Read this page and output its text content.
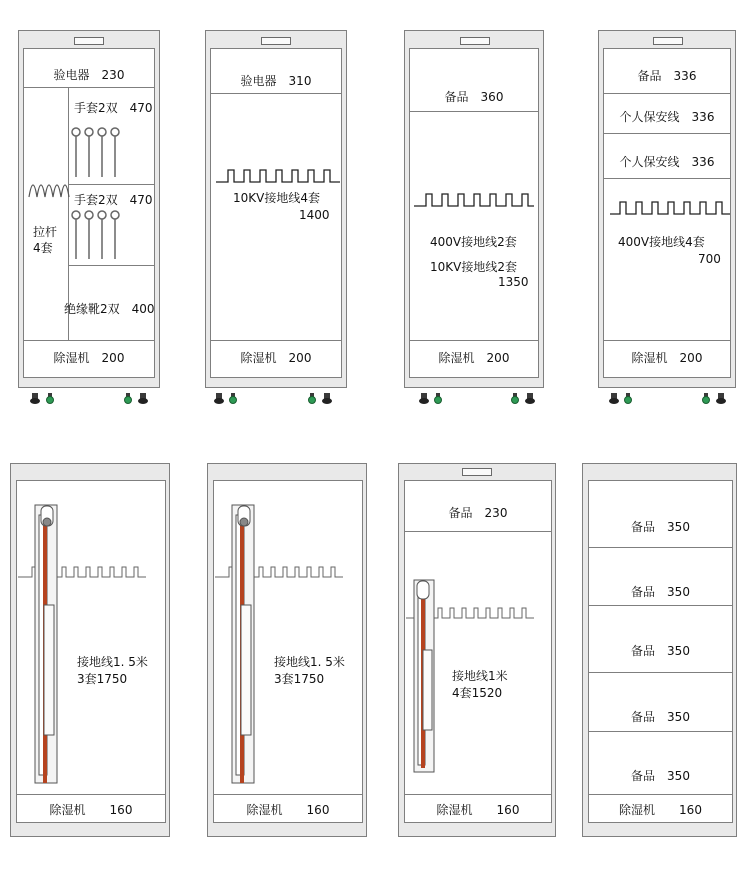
验电器　230
手套2双　470
手套2双　470
拉杆
4套
绝缘靴2双　400
除湿机　200
验电器　310
10KV接地线4套
1400
除湿机　200
备品　360
400V接地线2套
10KV接地线2套
1350
除湿机　200
备品　336
个人保安线　336
个人保安线　336
400V接地线4套
700
除湿机　200
接地线1. 5米
3套1750
除湿机　　160
接地线1. 5米
3套1750
除湿机　　160
备品　230
接地线1米
4套1520
除湿机　　160
备品　350
备品　350
备品　350
备品　350
备品　350
除湿机　　160
